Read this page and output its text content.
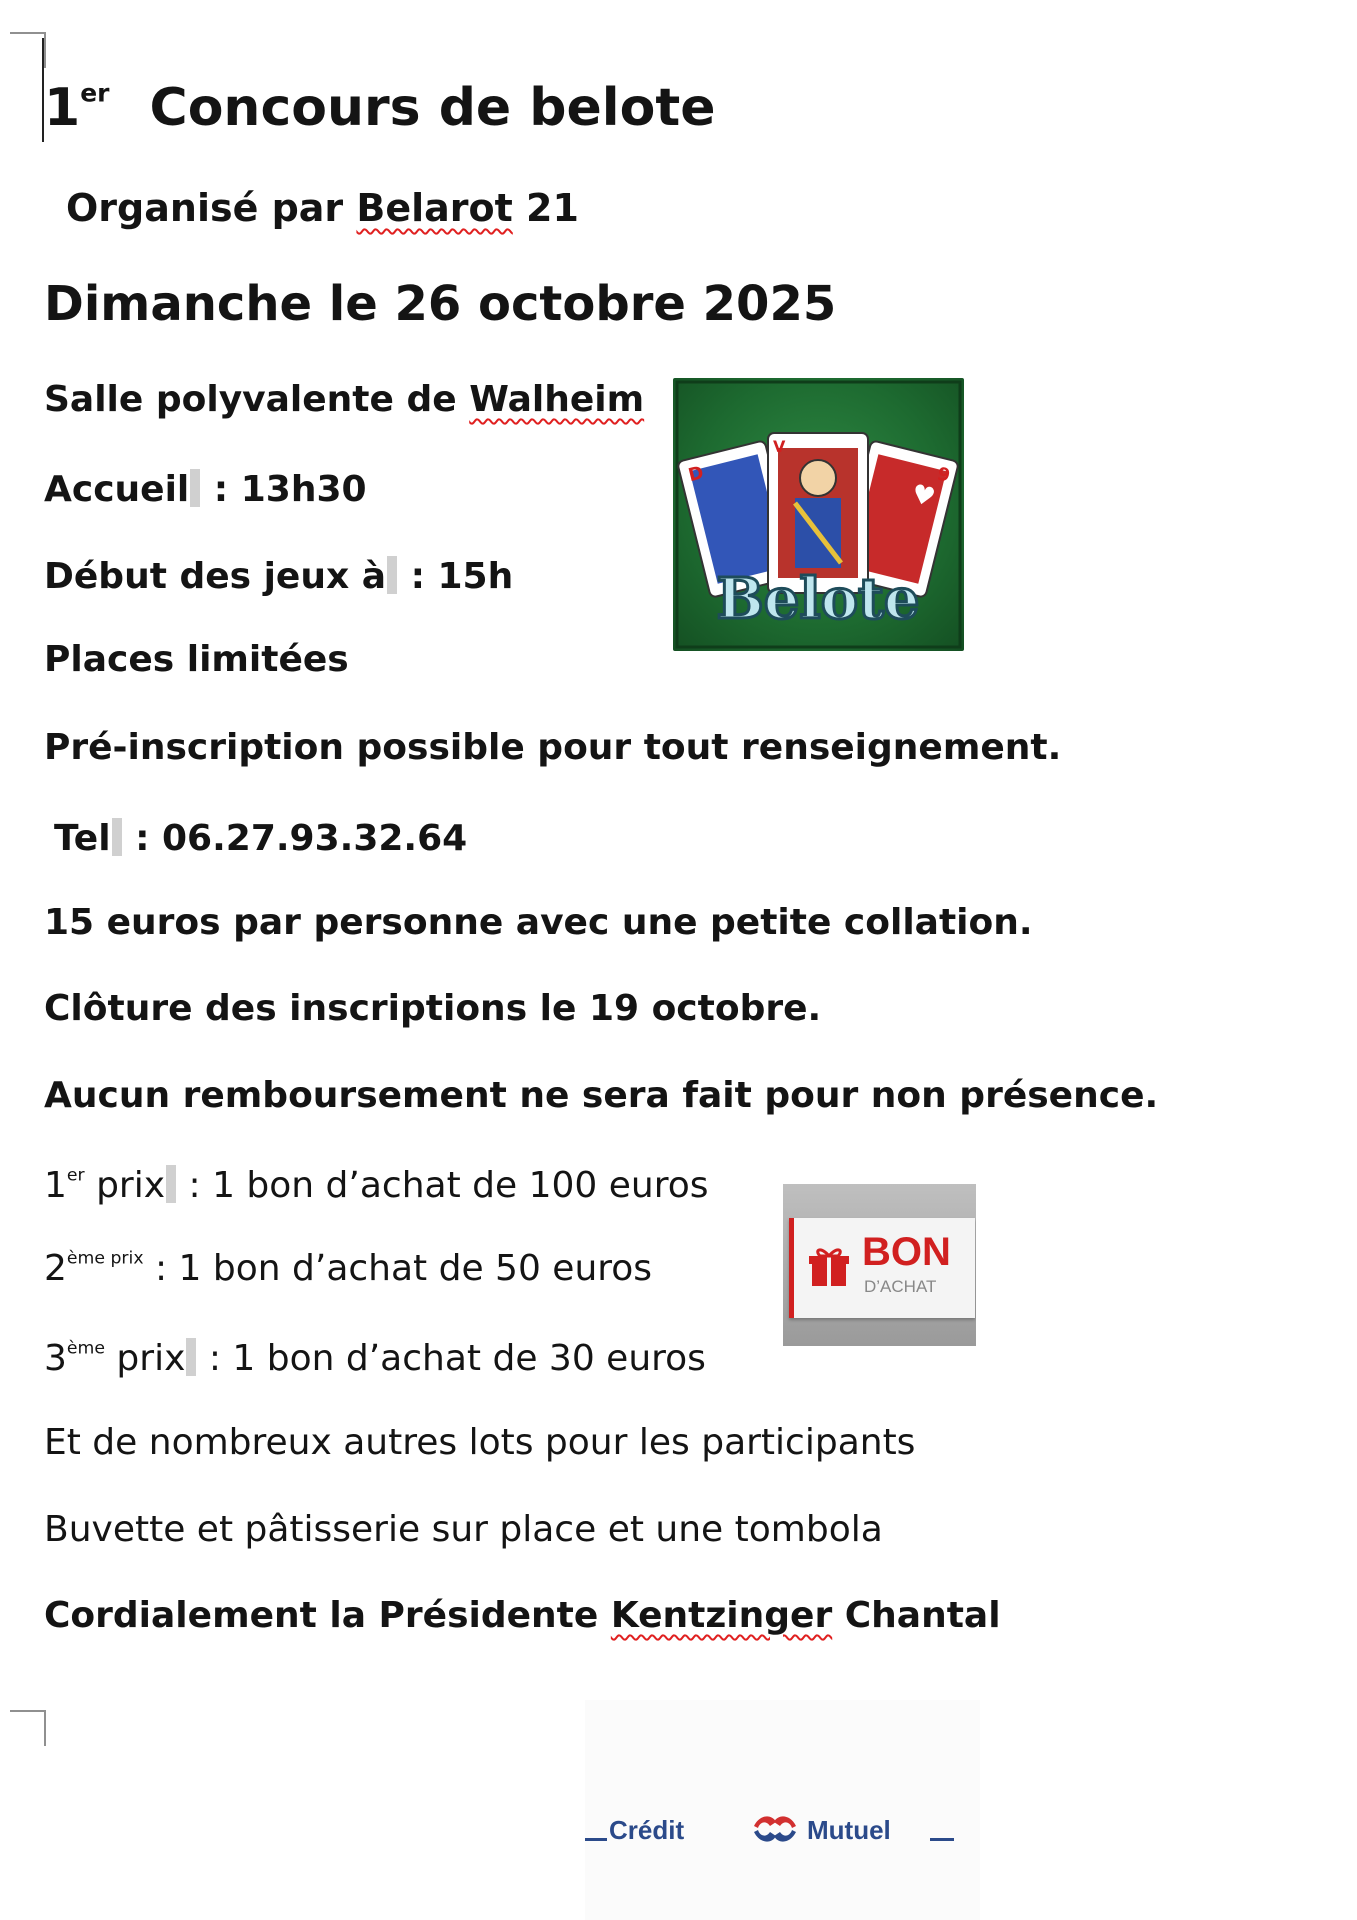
1er Concours de belote
Organisé par Belarot 21
Dimanche le 26 octobre 2025
Salle polyvalente de Walheim
Accueil : 13h30
Début des jeux à : 15h
Places limitées
Pré-inscription possible pour tout renseignement.
Tel : 06.27.93.32.64
15 euros par personne avec une petite collation.
Clôture des inscriptions le 19 octobre.
Aucun remboursement ne sera fait pour non présence.
1er prix : 1 bon d’achat de 100 euros
$2^{ème prix}$ : 1 bon d’achat de 50 euros
3ème prix : 1 bon d’achat de 30 euros
Et de nombreux autres lots pour les participants
Buvette et pâtisserie sur place et une tombola
Cordialement la Présidente Kentzinger Chantal
D	9
♥
V
Belote
BON
D’ACHAT
Crédit	Mutuel
